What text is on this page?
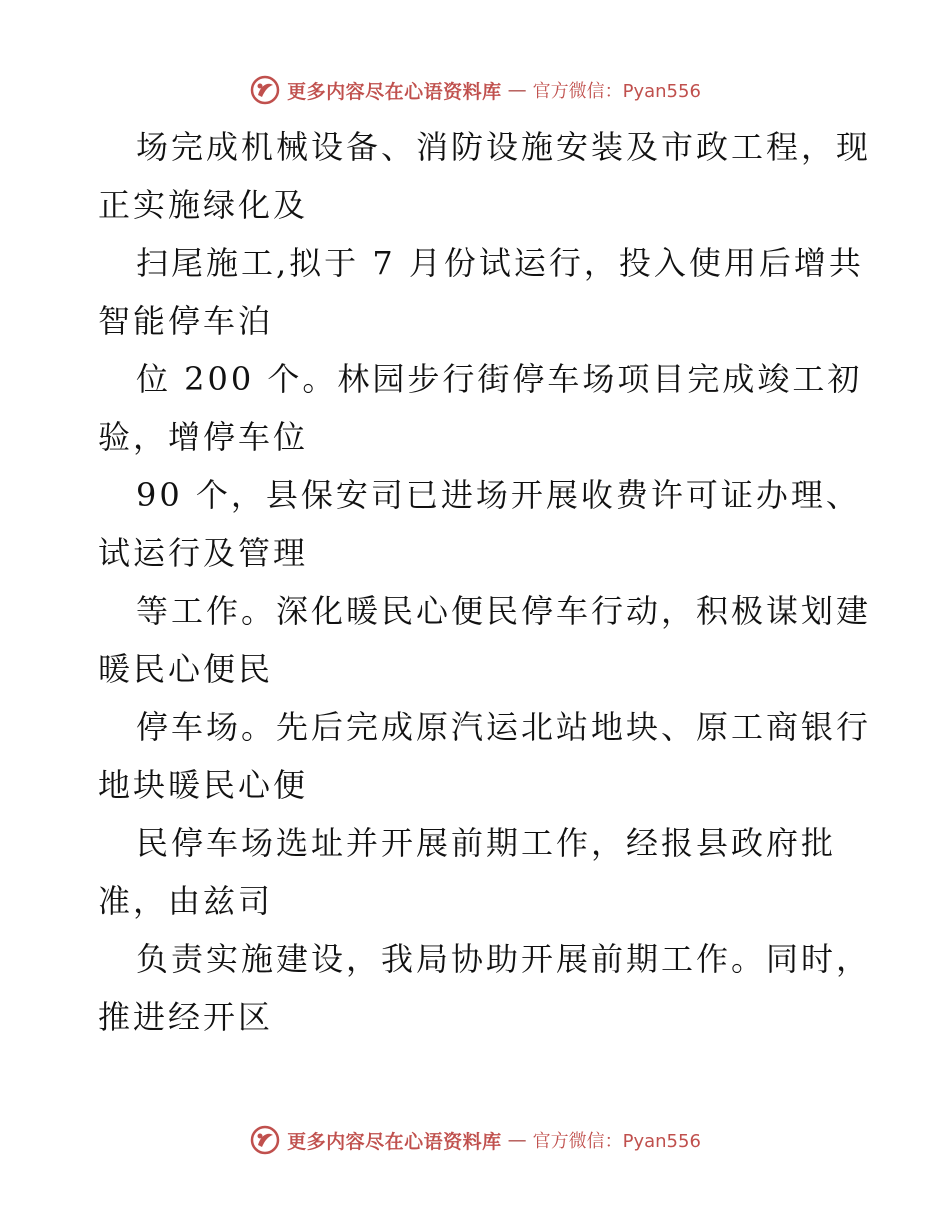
更多内容尽在心语资料库 — 官方微信：Pyan556
场完成机械设备、消防设施安装及市政工程，现
正实施绿化及
扫尾施工,拟于 7 月份试运行，投入使用后增共
智能停车泊
位 200 个。林园步行街停车场项目完成竣工初
验，增停车位
90 个，县保安司已进场开展收费许可证办理、
试运行及管理
等工作。深化暖民心便民停车行动，积极谋划建
暖民心便民
停车场。先后完成原汽运北站地块、原工商银行
地块暖民心便
民停车场选址并开展前期工作，经报县政府批
准，由兹司
负责实施建设，我局协助开展前期工作。同时，
推进经开区
更多内容尽在心语资料库 — 官方微信：Pyan556
